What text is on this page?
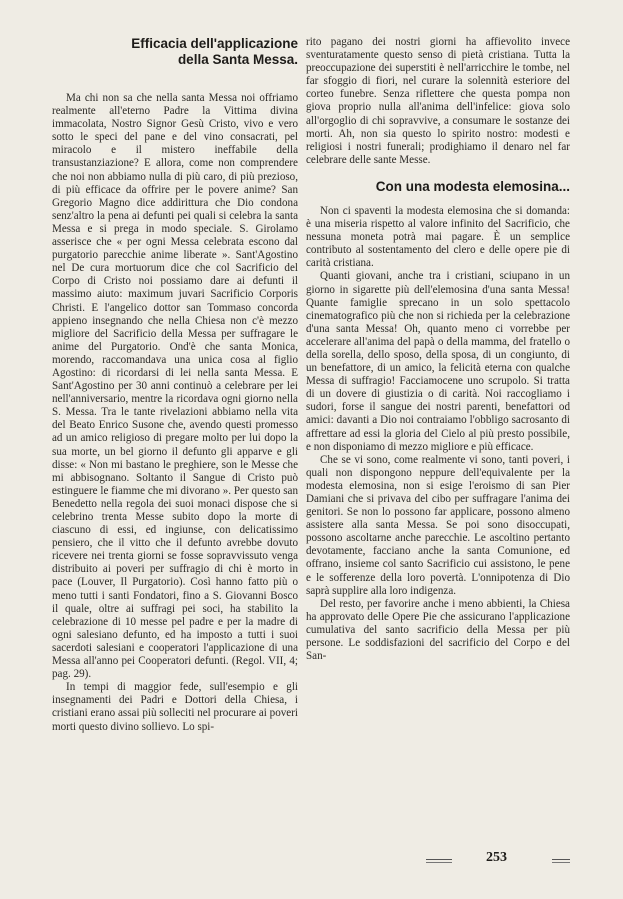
Efficacia dell'applicazione
della Santa Messa.

Ma chi non sa che nella santa Messa noi offriamo realmente all'eterno Padre la Vittima divina immacolata, Nostro Signor Gesù Cristo, vivo e vero sotto le speci del pane e del vino consacrati, pel miracolo e il mistero ineffabile della transustanziazione? E allora, come non comprendere che noi non abbiamo nulla di più caro, di più prezioso, di più efficace da offrire per le povere anime? San Gregorio Magno dice addirittura che Dio condona senz'altro la pena ai defunti pei quali si celebra la santa Messa e si prega in modo speciale. S. Girolamo asserisce che « per ogni Messa celebrata escono dal purgatorio parecchie anime liberate ». Sant'Agostino nel De cura mortuorum dice che col Sacrificio del Corpo di Cristo noi possiamo dare ai defunti il massimo aiuto: maximum juvari Sacrificio Corporis Christi. E l'angelico dottor san Tommaso concorda appieno insegnando che nella Chiesa non c'è mezzo migliore del Sacrificio della Messa per suffragare le anime del Purgatorio. Ond'è che santa Monica, morendo, raccomandava una unica cosa al figlio Agostino: di ricordarsi di lei nella santa Messa. E Sant'Agostino per 30 anni continuò a celebrare per lei nell'anniversario, mentre la ricordava ogni giorno nella S. Messa. Tra le tante rivelazioni abbiamo nella vita del Beato Enrico Susone che, avendo questi promesso ad un amico religioso di pregare molto per lui dopo la sua morte, un bel giorno il defunto gli apparve e gli disse: « Non mi bastano le preghiere, son le Messe che mi abbisognano. Soltanto il Sangue di Cristo può estinguere le fiamme che mi divorano ». Per questo san Benedetto nella regola dei suoi monaci dispose che si celebrino trenta Messe subito dopo la morte di ciascuno di essi, ed ingiunse, con delicatissimo pensiero, che il vitto che il defunto avrebbe dovuto ricevere nei trenta giorni se fosse sopravvissuto venga distribuito ai poveri per suffragio di chi è morto in pace (Louver, Il Purgatorio). Così hanno fatto più o meno tutti i santi Fondatori, fino a S. Giovanni Bosco il quale, oltre ai suffragi pei soci, ha stabilito la celebrazione di 10 messe pel padre e per la madre di ogni salesiano defunto, ed ha imposto a tutti i suoi sacerdoti salesiani e cooperatori l'applicazione di una Messa all'anno pei Cooperatori defunti. (Regol. VII, 4; pag. 29).

In tempi di maggior fede, sull'esempio e gli insegnamenti dei Padri e Dottori della Chiesa, i cristiani erano assai più solleciti nel procurare ai poveri morti questo divino sollievo. Lo spi-

rito pagano dei nostri giorni ha affievolito invece sventuratamente questo senso di pietà cristiana. Tutta la preoccupazione dei superstiti è nell'arricchire le tombe, nel far sfoggio di fiori, nel curare la solennità esteriore del corteo funebre. Senza riflettere che questa pompa non giova proprio nulla all'anima dell'infelice: giova solo all'orgoglio di chi sopravvive, a consumare le sostanze dei morti. Ah, non sia questo lo spirito nostro: modesti e religiosi i nostri funerali; prodighiamo il denaro nel far celebrare delle sante Messe.

Con una modesta elemosina...

Non ci spaventi la modesta elemosina che si domanda: è una miseria rispetto al valore infinito del Sacrificio, che nessuna moneta potrà mai pagare. È un semplice contributo al sostentamento del clero e delle opere pie di carità cristiana.

Quanti giovani, anche tra i cristiani, sciupano in un giorno in sigarette più dell'elemosina d'una santa Messa! Quante famiglie sprecano in un solo spettacolo cinematografico più che non si richieda per la celebrazione d'una santa Messa! Oh, quanto meno ci vorrebbe per accelerare all'anima del papà o della mamma, del fratello o della sorella, dello sposo, della sposa, di un congiunto, di un benefattore, di un amico, la felicità eterna con qualche Messa di suffragio! Facciamocene uno scrupolo. Si tratta di un dovere di giustizia o di carità. Noi raccogliamo i sudori, forse il sangue dei nostri parenti, benefattori od amici: davanti a Dio noi contraiamo l'obbligo sacrosanto di affrettare ad essi la gloria del Cielo al più presto possibile, e non disponiamo di mezzo migliore e più efficace.

Che se vi sono, come realmente vi sono, tanti poveri, i quali non dispongono neppure dell'equivalente per la modesta elemosina, non si esige l'eroismo di san Pier Damiani che si privava del cibo per suffragare l'anima dei genitori. Se non lo possono far applicare, possono almeno assistere alla santa Messa. Se poi sono disoccupati, possono ascoltarne anche parecchie. Le ascoltino pertanto devotamente, facciano anche la santa Comunione, ed offrano, insieme col santo Sacrificio cui assistono, le pene e le sofferenze della loro povertà. L'onnipotenza di Dio saprà supplire alla loro indigenza.

Del resto, per favorire anche i meno abbienti, la Chiesa ha approvato delle Opere Pie che assicurano l'applicazione cumulativa del santo sacrificio della Messa per più persone. Le soddisfazioni del sacrificio del Corpo e del San-

253
